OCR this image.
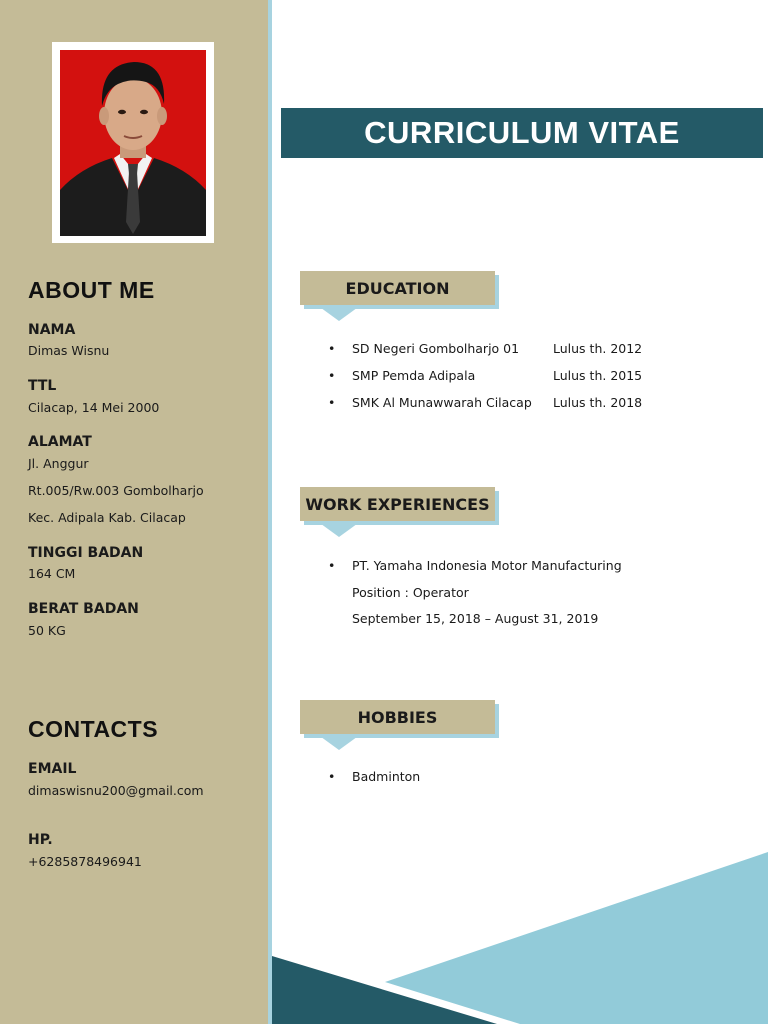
ABOUT ME
NAMA
Dimas Wisnu
TTL
Cilacap, 14 Mei 2000
ALAMAT
Jl. Anggur
Rt.005/Rw.003 Gombolharjo
Kec. Adipala Kab. Cilacap
TINGGI BADAN
164 CM
BERAT BADAN
50 KG
CONTACTS
EMAIL
dimaswisnu200@gmail.com
HP.
+6285878496941
CURRICULUM VITAE
EDUCATION
• SD Negeri Gombolharjo 01	Lulus th. 2012
• SMP Pemda Adipala	Lulus th. 2015
• SMK Al Munawwarah Cilacap Lulus th. 2018
WORK EXPERIENCES
• PT. Yamaha Indonesia Motor Manufacturing
Position : Operator
September 15, 2018 – August 31, 2019
HOBBIES
• Badminton
